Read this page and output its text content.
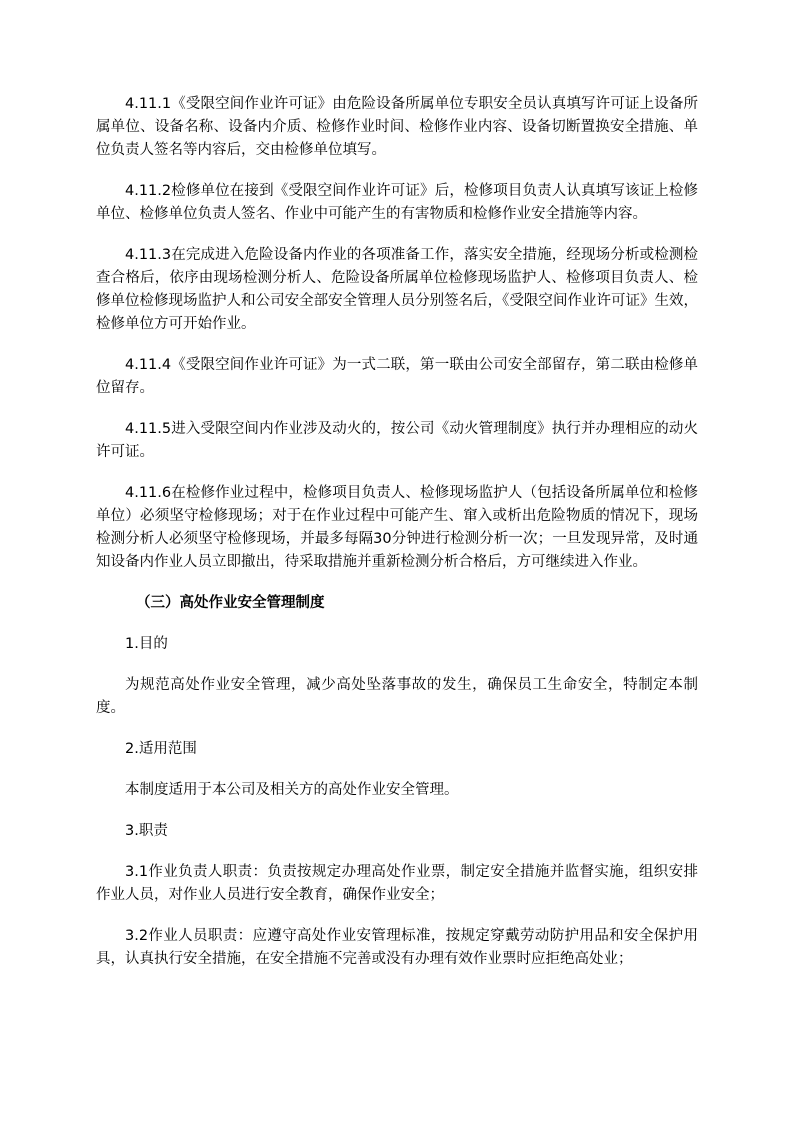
4.11.1《受限空间作业许可证》由危险设备所属单位专职安全员认真填写许可证上设备所属单位、设备名称、设备内介质、检修作业时间、检修作业内容、设备切断置换安全措施、单位负责人签名等内容后，交由检修单位填写。

4.11.2检修单位在接到《受限空间作业许可证》后，检修项目负责人认真填写该证上检修单位、检修单位负责人签名、作业中可能产生的有害物质和检修作业安全措施等内容。

4.11.3在完成进入危险设备内作业的各项准备工作，落实安全措施，经现场分析或检测检查合格后，依序由现场检测分析人、危险设备所属单位检修现场监护人、检修项目负责人、检修单位检修现场监护人和公司安全部安全管理人员分别签名后，《受限空间作业许可证》生效，检修单位方可开始作业。

4.11.4《受限空间作业许可证》为一式二联，第一联由公司安全部留存，第二联由检修单位留存。

4.11.5进入受限空间内作业涉及动火的，按公司《动火管理制度》执行并办理相应的动火许可证。

4.11.6在检修作业过程中，检修项目负责人、检修现场监护人（包括设备所属单位和检修单位）必须坚守检修现场；对于在作业过程中可能产生、窜入或析出危险物质的情况下，现场检测分析人必须坚守检修现场，并最多每隔30分钟进行检测分析一次；一旦发现异常，及时通知设备内作业人员立即撤出，待采取措施并重新检测分析合格后，方可继续进入作业。

（三）高处作业安全管理制度

1.目的

为规范高处作业安全管理，减少高处坠落事故的发生，确保员工生命安全，特制定本制度。

2.适用范围

本制度适用于本公司及相关方的高处作业安全管理。

3.职责

3.1作业负责人职责：负责按规定办理高处作业票，制定安全措施并监督实施，组织安排作业人员，对作业人员进行安全教育，确保作业安全；

3.2作业人员职责：应遵守高处作业安管理标准，按规定穿戴劳动防护用品和安全保护用具，认真执行安全措施，在安全措施不完善或没有办理有效作业票时应拒绝高处业；
